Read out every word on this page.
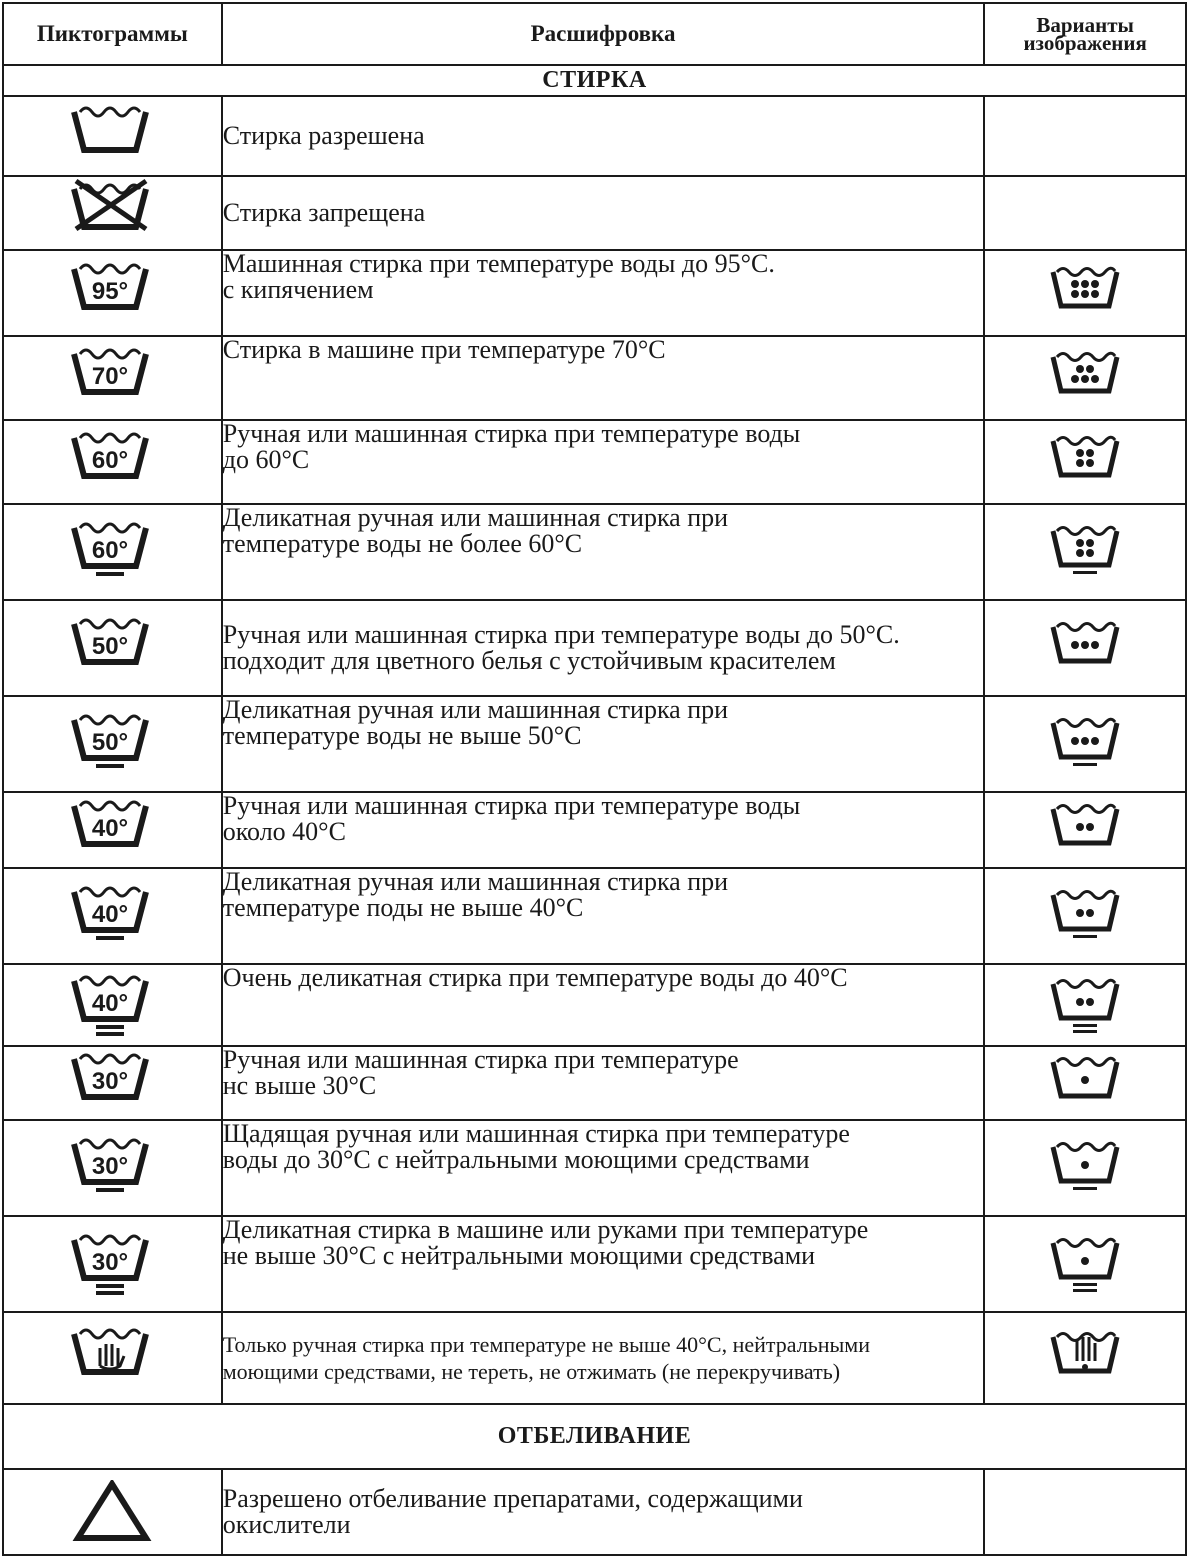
Пиктограммы	Расшифровка	Варианты
изображения

СТИРКА		

Стирка разрешена	

Стирка запрещена	

95°	Машинная стирка при температуре воды до 95°С.
с кипячением

70°	Стирка в машине при температуре 70°С

60°	Ручная или машинная стирка при температуре воды
до 60°С

60°	Деликатная ручная или машинная стирка при
температуре воды не более 60°С

50°	Ручная или машинная стирка при температуре воды до 50°С.
подходит для цветного белья с устойчивым красителем

50°	Деликатная ручная или машинная стирка при
температуре воды не выше 50°С

40°	Ручная или машинная стирка при температуре воды
около 40°С

40°	Деликатная ручная или машинная стирка при
температуре поды не выше 40°С

40°	Очень деликатная стирка при температуре воды до 40°С

30°	Ручная или машинная стирка при температуре
нс выше 30°С

30°	Щадящая ручная или машинная стирка при температуре
воды до 30°С с нейтральными моющими средствами

30°	Деликатная стирка в машине или руками при температуре
не выше 30°С с нейтральными моющими средствами

Только ручная стирка при температуре не выше 40°С, нейтральными
моющими средствами, не тереть, не отжимать (не перекручивать)

ОТБЕЛИВАНИЕ		

Разрешено отбеливание препаратами, содержащими
окислители	
